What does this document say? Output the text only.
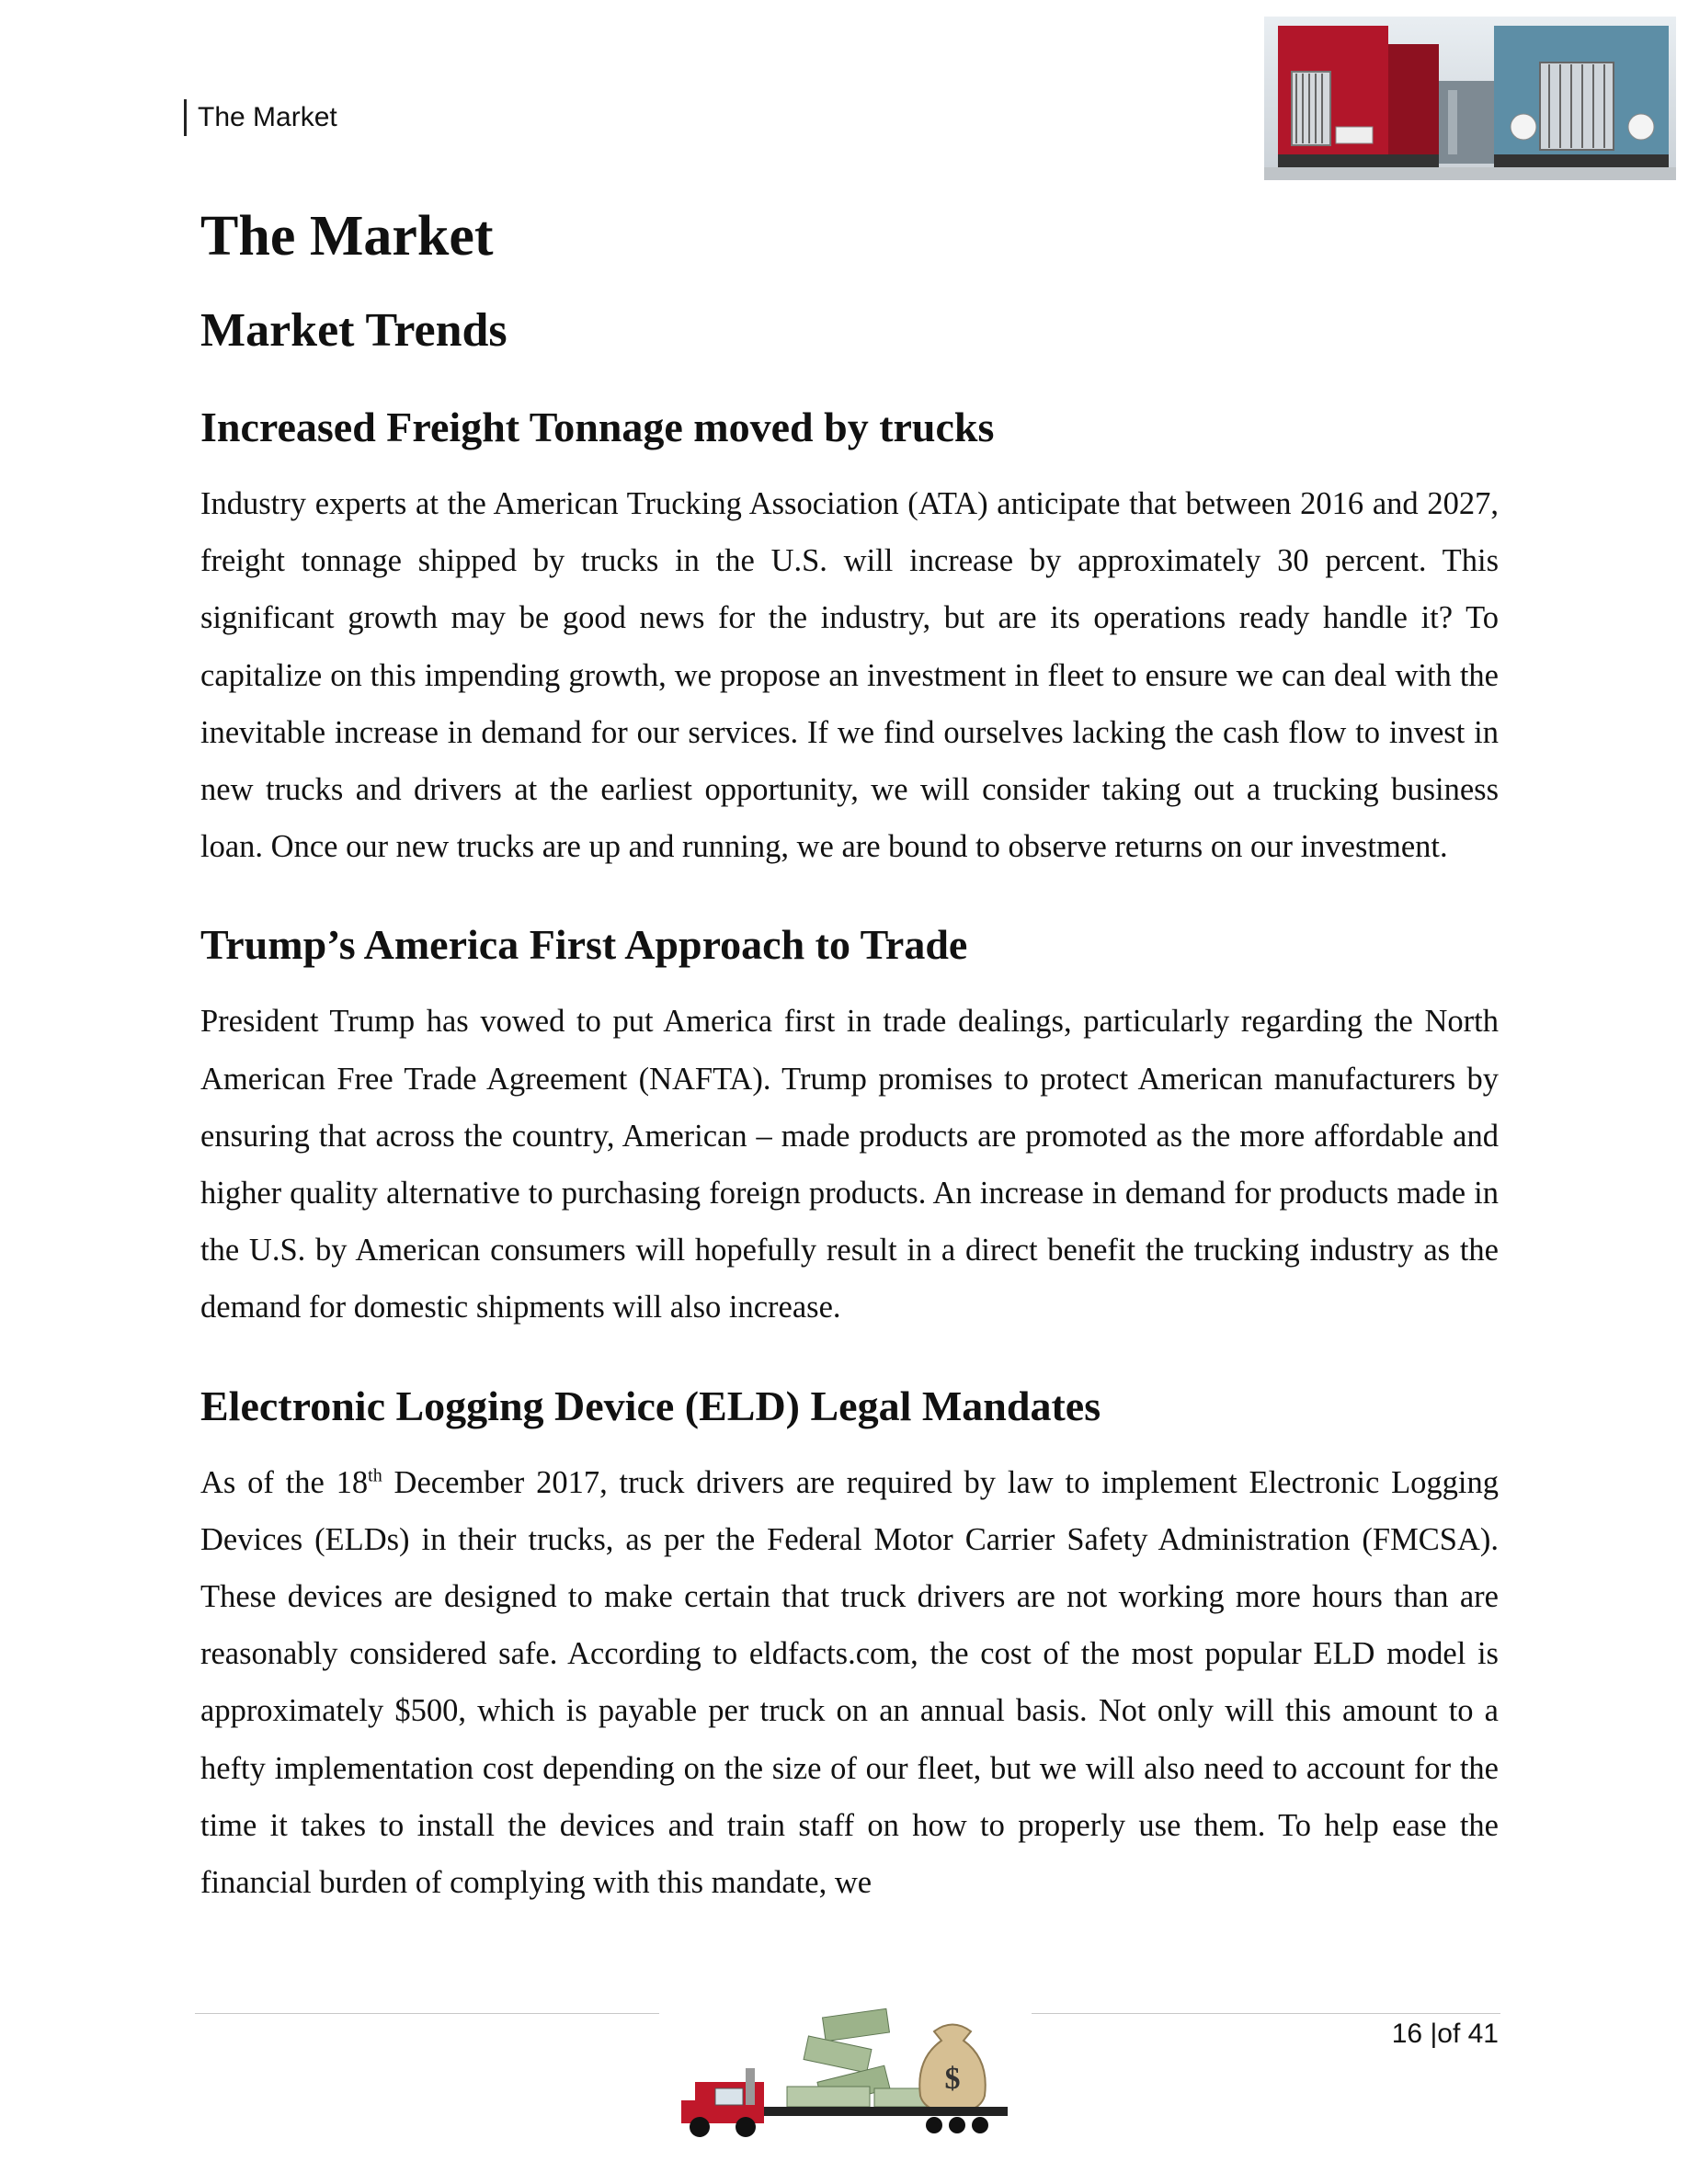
The Market
The Market
Market Trends
Increased Freight Tonnage moved by trucks

Industry experts at the American Trucking Association (ATA) anticipate that between 2016 and 2027, freight tonnage shipped by trucks in the U.S. will increase by approximately 30 percent. This significant growth may be good news for the industry, but are its operations ready handle it? To capitalize on this impending growth, we propose an investment in fleet to ensure we can deal with the inevitable increase in demand for our services. If we find ourselves lacking the cash flow to invest in new trucks and drivers at the earliest opportunity, we will consider taking out a trucking business loan. Once our new trucks are up and running, we are bound to observe returns on our investment.

Trump’s America First Approach to Trade

President Trump has vowed to put America first in trade dealings, particularly regarding the North American Free Trade Agreement (NAFTA). Trump promises to protect American manufacturers by ensuring that across the country, American – made products are promoted as the more affordable and higher quality alternative to purchasing foreign products. An increase in demand for products made in the U.S. by American consumers will hopefully result in a direct benefit the trucking industry as the demand for domestic shipments will also increase.

Electronic Logging Device (ELD) Legal Mandates

As of the 18th December 2017, truck drivers are required by law to implement Electronic Logging Devices (ELDs) in their trucks, as per the Federal Motor Carrier Safety Administration (FMCSA). These devices are designed to make certain that truck drivers are not working more hours than are reasonably considered safe. According to eldfacts.com, the cost of the most popular ELD model is approximately $500, which is payable per truck on an annual basis. Not only will this amount to a hefty implementation cost depending on the size of our fleet, but we will also need to account for the time it takes to install the devices and train staff on how to properly use them. To help ease the financial burden of complying with this mandate, we

16 |of 41
$
